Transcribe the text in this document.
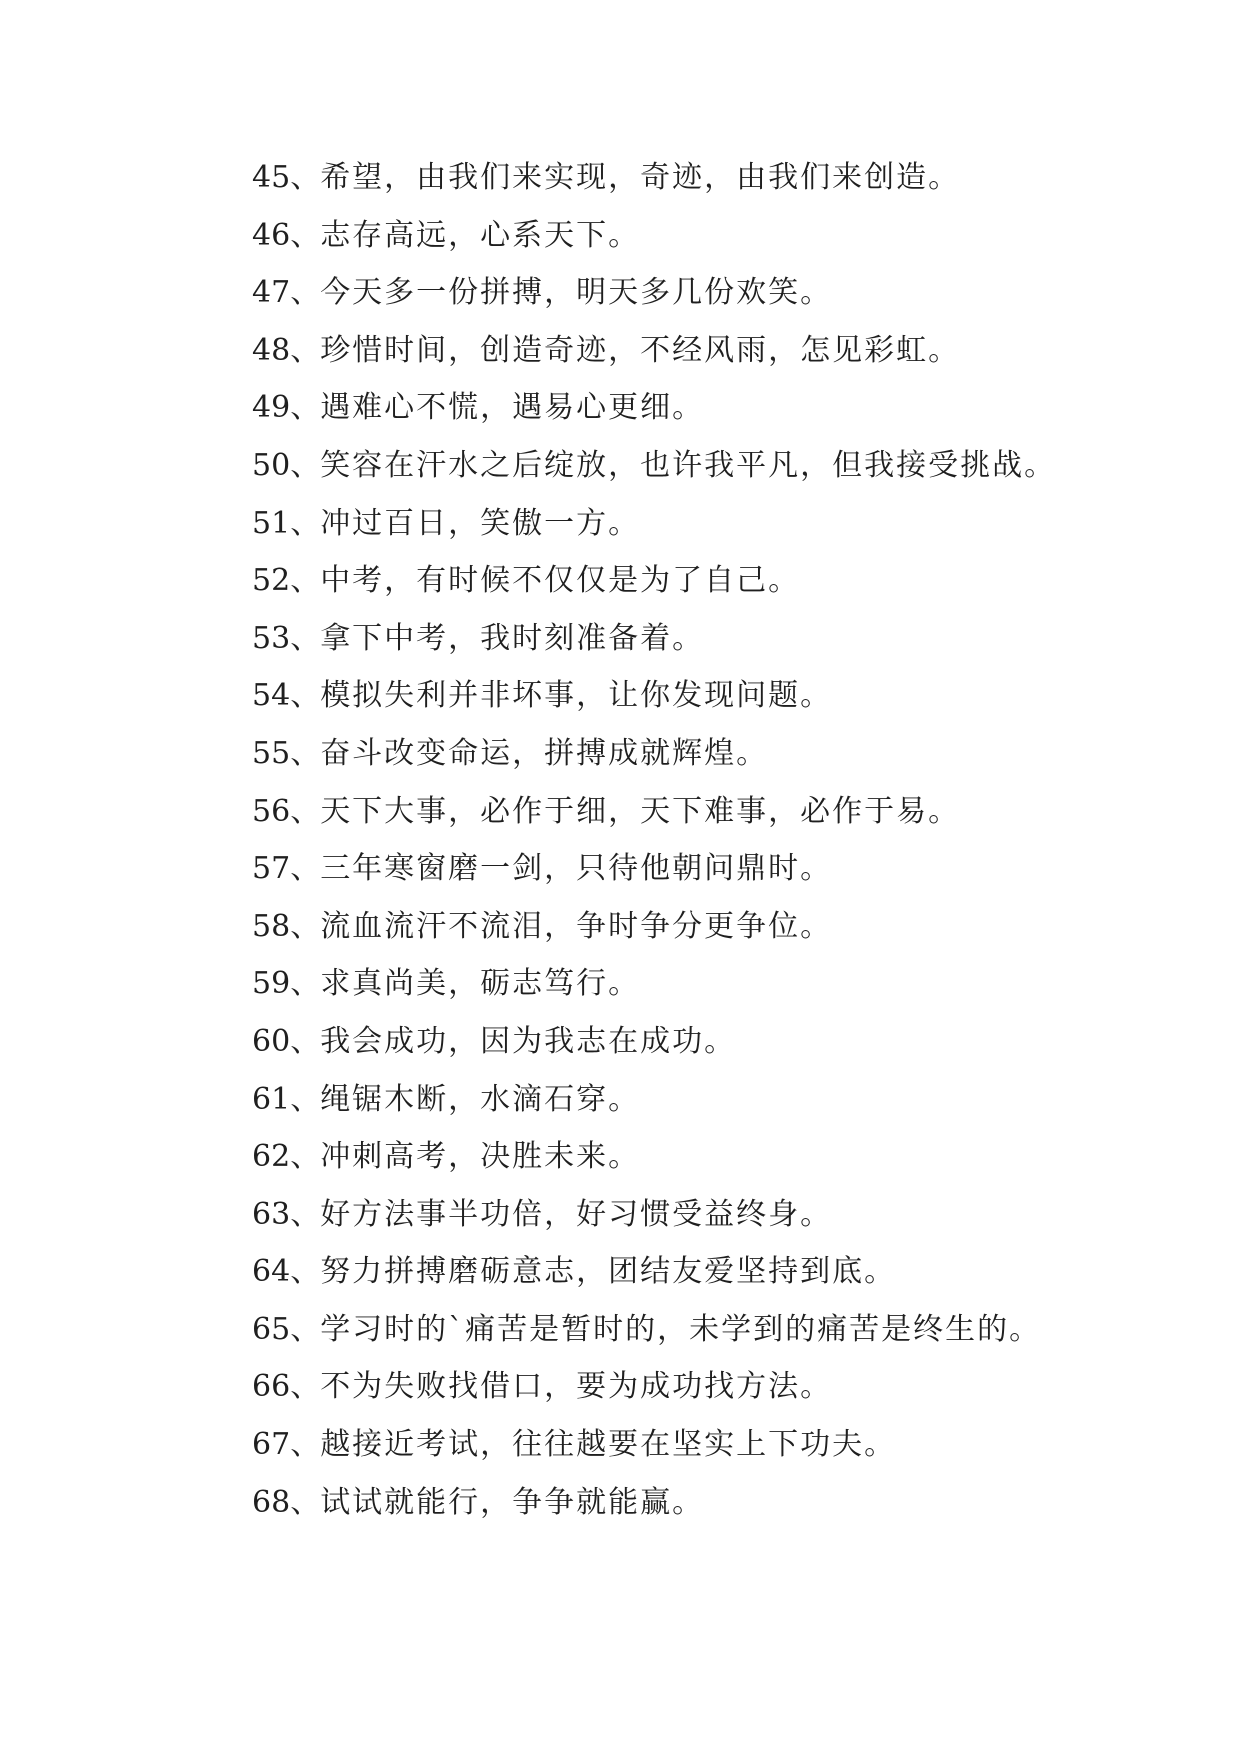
45 、
希望，由我们来实现，奇迹，由我们来创造。
46 、
志存高远，心系天下。
47 、
今天多一份拼搏，明天多几份欢笑。
48 、
珍惜时间，创造奇迹，不经风雨，怎见彩虹。
49 、
遇难心不慌，遇易心更细。
50 、
笑容在汗水之后绽放，也许我平凡，但我接受挑战。
51 、
冲过百日，笑傲一方。
52 、
中考，有时候不仅仅是为了自己。
53 、
拿下中考，我时刻准备着。
54 、
模拟失利并非坏事，让你发现问题。
55 、
奋斗改变命运，拼搏成就辉煌。
56 、
天下大事，必作于细，天下难事，必作于易。
57 、
三年寒窗磨一剑，只待他朝问鼎时。
58 、
流血流汗不流泪，争时争分更争位。
59 、
求真尚美，砺志笃行。
60 、
我会成功，因为我志在成功。
61 、
绳锯木断，水滴石穿。
62 、
冲刺高考，决胜未来。
63 、
好方法事半功倍，好习惯受益终身。
64 、
努力拼搏磨砺意志，团结友爱坚持到底。
65 、
学习时的`痛苦是暂时的，未学到的痛苦是终生的。
66 、
不为失败找借口，要为成功找方法。
67 、
越接近考试，往往越要在坚实上下功夫。
68 、
试试就能行，争争就能赢。
